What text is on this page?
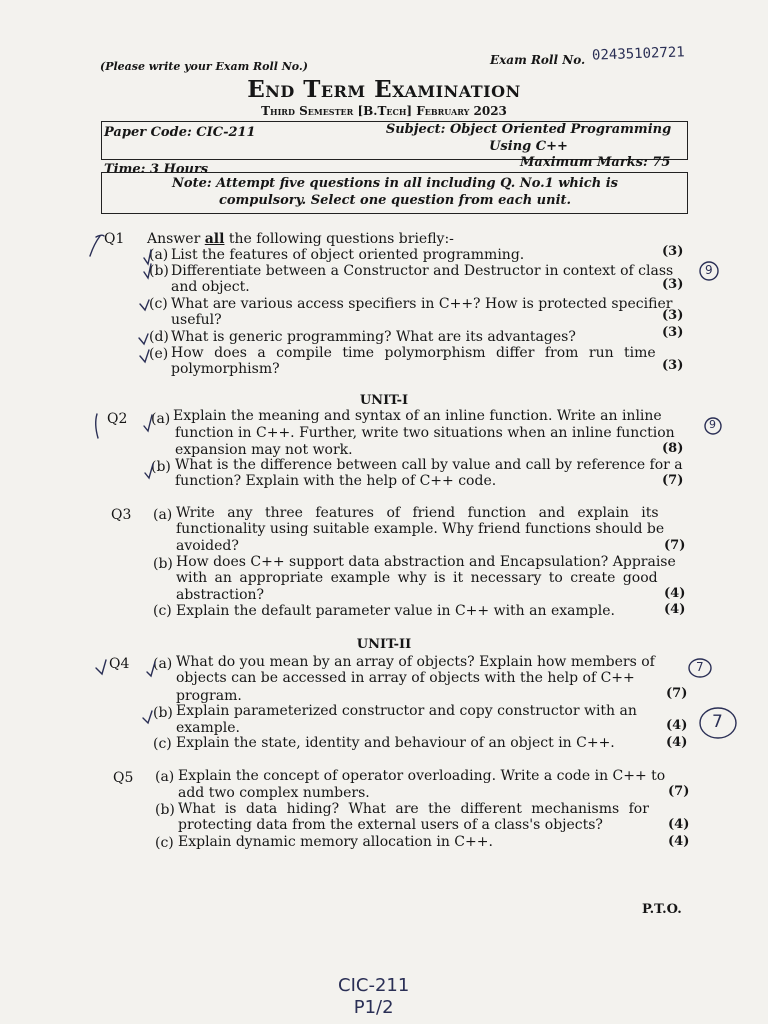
(Please write your Exam Roll No.)	Exam Roll No. 02435102721
End Term Examination
Third Semester [B.Tech] February 2023
Paper Code: CIC-211	Subject: Object Oriented Programming
Using C++
Time: 3 Hours	Maximum Marks: 75
Note: Attempt five questions in all including Q. No.1 which is
compulsory. Select one question from each unit.
Q1 Answer all the following questions briefly:-
(a) List the features of object oriented programming.	(3)
(b) Differentiate between a Constructor and Destructor in context of class
and object.	(3)
(c) What are various access specifiers in C++? How is protected specifier
useful?	(3)
(d) What is generic programming? What are its advantages?	(3)
(e) How does a compile time polymorphism differ from run time
polymorphism?	(3)
UNIT-I
Q2 (a) Explain the meaning and syntax of an inline function. Write an inline
function in C++. Further, write two situations when an inline function
expansion may not work.	(8)
(b) What is the difference between call by value and call by reference for a
function? Explain with the help of C++ code.	(7)
Q3 (a) Write any three features of friend function and explain its
functionality using suitable example. Why friend functions should be
avoided?	(7)
(b) How does C++ support data abstraction and Encapsulation? Appraise
with an appropriate example why is it necessary to create good
abstraction?	(4)
(c) Explain the default parameter value in C++ with an example.	(4)
UNIT-II
Q4 (a) What do you mean by an array of objects? Explain how members of
objects can be accessed in array of objects with the help of C++
program.	(7)
(b) Explain parameterized constructor and copy constructor with an
example.	(4)
(c) Explain the state, identity and behaviour of an object in C++.	(4)
Q5 (a) Explain the concept of operator overloading. Write a code in C++ to
add two complex numbers.	(7)
(b) What is data hiding? What are the different mechanisms for
protecting data from the external users of a class's objects?	(4)
(c) Explain dynamic memory allocation in C++.	(4)
P.T.O.
9
9
7
7
CIC-211
P1/2
